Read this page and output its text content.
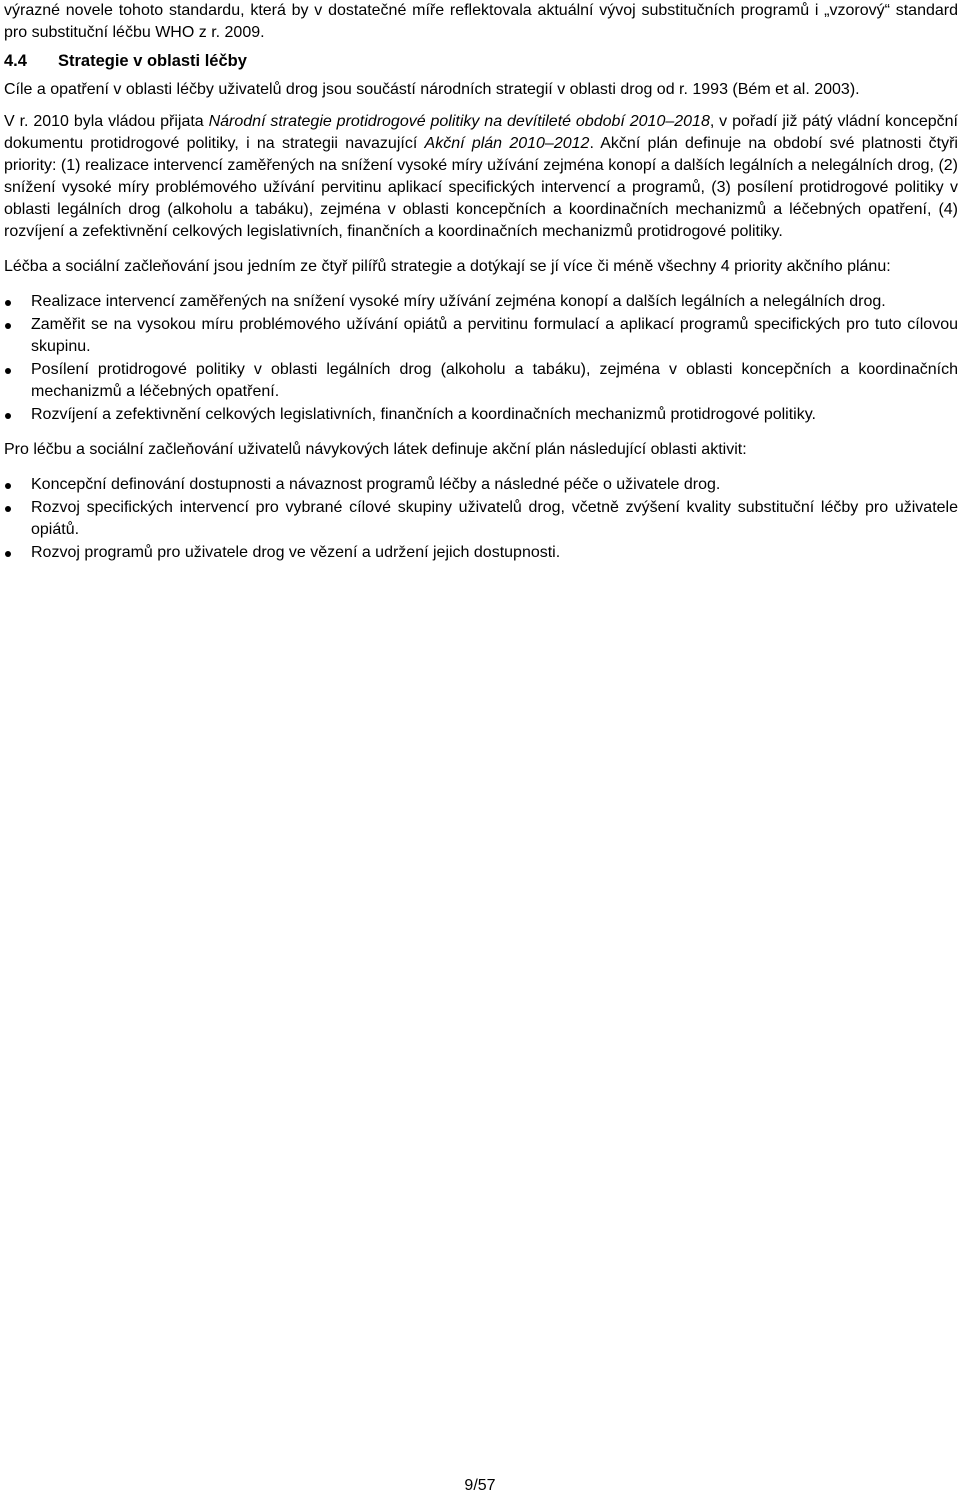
výrazné novele tohoto standardu, která by v dostatečné míře reflektovala aktuální vývoj substitučních programů i „vzorový“ standard pro substituční léčbu WHO z r. 2009.

4.4 Strategie v oblasti léčby

Cíle a opatření v oblasti léčby uživatelů drog jsou součástí národních strategií v oblasti drog od r. 1993 (Bém et al. 2003).

V r. 2010 byla vládou přijata Národní strategie protidrogové politiky na devítileté období 2010–2018, v pořadí již pátý vládní koncepční dokumentu protidrogové politiky, i na strategii navazující Akční plán 2010–2012. Akční plán definuje na období své platnosti čtyři priority: (1) realizace intervencí zaměřených na snížení vysoké míry užívání zejména konopí a dalších legálních a nelegálních drog, (2) snížení vysoké míry problémového užívání pervitinu aplikací specifických intervencí a programů, (3) posílení protidrogové politiky v oblasti legálních drog (alkoholu a tabáku), zejména v oblasti koncepčních a koordinačních mechanizmů a léčebných opatření, (4) rozvíjení a zefektivnění celkových legislativních, finančních a koordinačních mechanizmů protidrogové politiky.

Léčba a sociální začleňování jsou jedním ze čtyř pilířů strategie a dotýkají se jí více či méně všechny 4 priority akčního plánu:

Realizace intervencí zaměřených na snížení vysoké míry užívání zejména konopí a dalších legálních a nelegálních drog.
Zaměřit se na vysokou míru problémového užívání opiátů a pervitinu formulací a aplikací programů specifických pro tuto cílovou skupinu.
Posílení protidrogové politiky v oblasti legálních drog (alkoholu a tabáku), zejména v oblasti koncepčních a koordinačních mechanizmů a léčebných opatření.
Rozvíjení a zefektivnění celkových legislativních, finančních a koordinačních mechanizmů protidrogové politiky.

Pro léčbu a sociální začleňování uživatelů návykových látek definuje akční plán následující oblasti aktivit:

Koncepční definování dostupnosti a návaznost programů léčby a následné péče o uživatele drog.
Rozvoj specifických intervencí pro vybrané cílové skupiny uživatelů drog, včetně zvýšení kvality substituční léčby pro uživatele opiátů.
Rozvoj programů pro uživatele drog ve vězení a udržení jejich dostupnosti.
9/57
